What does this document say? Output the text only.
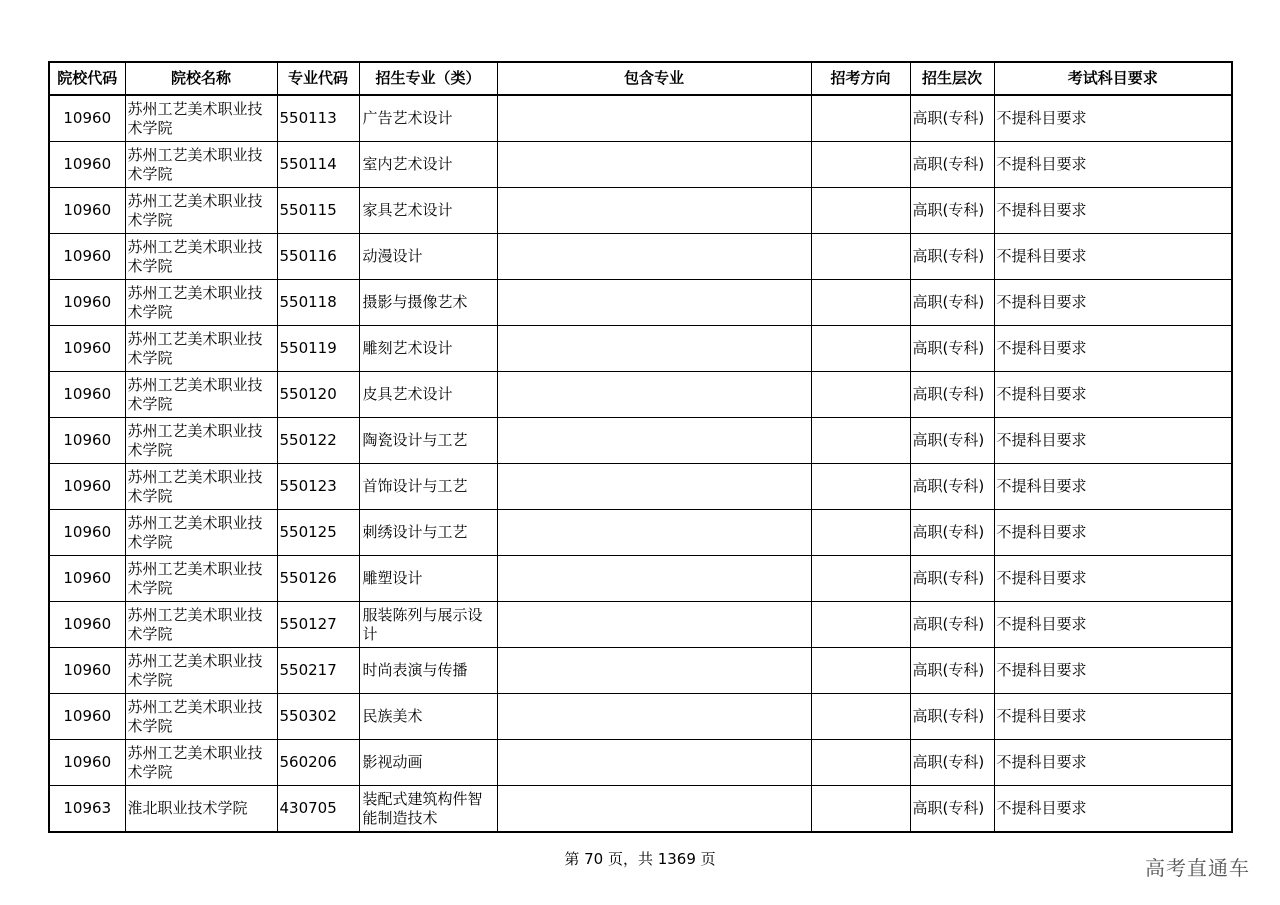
院校代码	院校名称	专业代码	招生专业（类）	包含专业	招考方向	招生层次	考试科目要求
10960	苏州工艺美术职业技术学院	550113	广告艺术设计			高职(专科)	不提科目要求
10960	苏州工艺美术职业技术学院	550114	室内艺术设计			高职(专科)	不提科目要求
10960	苏州工艺美术职业技术学院	550115	家具艺术设计			高职(专科)	不提科目要求
10960	苏州工艺美术职业技术学院	550116	动漫设计			高职(专科)	不提科目要求
10960	苏州工艺美术职业技术学院	550118	摄影与摄像艺术			高职(专科)	不提科目要求
10960	苏州工艺美术职业技术学院	550119	雕刻艺术设计			高职(专科)	不提科目要求
10960	苏州工艺美术职业技术学院	550120	皮具艺术设计			高职(专科)	不提科目要求
10960	苏州工艺美术职业技术学院	550122	陶瓷设计与工艺			高职(专科)	不提科目要求
10960	苏州工艺美术职业技术学院	550123	首饰设计与工艺			高职(专科)	不提科目要求
10960	苏州工艺美术职业技术学院	550125	刺绣设计与工艺			高职(专科)	不提科目要求
10960	苏州工艺美术职业技术学院	550126	雕塑设计			高职(专科)	不提科目要求
10960	苏州工艺美术职业技术学院	550127	服装陈列与展示设计			高职(专科)	不提科目要求
10960	苏州工艺美术职业技术学院	550217	时尚表演与传播			高职(专科)	不提科目要求
10960	苏州工艺美术职业技术学院	550302	民族美术			高职(专科)	不提科目要求
10960	苏州工艺美术职业技术学院	560206	影视动画			高职(专科)	不提科目要求
10963	淮北职业技术学院	430705	装配式建筑构件智能制造技术			高职(专科)	不提科目要求
第 70 页，共 1369 页	高考直通车
